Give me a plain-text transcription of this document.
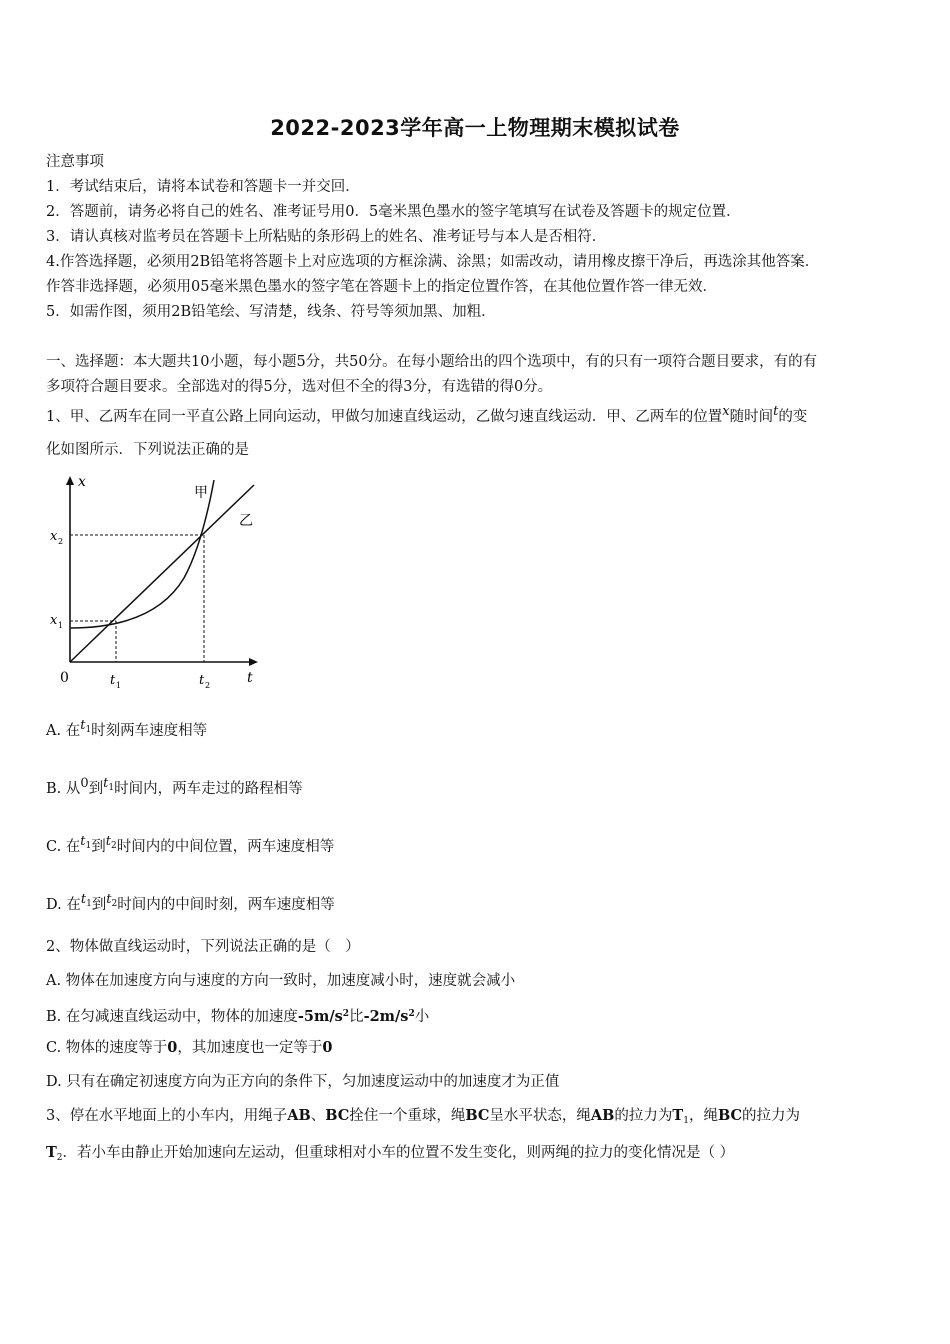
2022-2023学年高一上物理期末模拟试卷
注意事项
1．考试结束后，请将本试卷和答题卡一并交回．
2．答题前，请务必将自己的姓名、准考证号用0．5毫米黑色墨水的签字笔填写在试卷及答题卡的规定位置．
3．请认真核对监考员在答题卡上所粘贴的条形码上的姓名、准考证号与本人是否相符．
4.作答选择题，必须用2B铅笔将答题卡上对应选项的方框涂满、涂黑；如需改动，请用橡皮擦干净后，再选涂其他答案．
作答非选择题，必须用05毫米黑色墨水的签字笔在答题卡上的指定位置作答，在其他位置作答一律无效．
5．如需作图，须用2B铅笔绘、写清楚，线条、符号等须加黑、加粗．
一、选择题：本大题共10小题，每小题5分，共50分。在每小题给出的四个选项中，有的只有一项符合题目要求，有的有
多项符合题目要求。全部选对的得5分，选对但不全的得3分，有选错的得0分。
1、甲、乙两车在同一平直公路上同向运动，甲做匀加速直线运动，乙做匀速直线运动．甲、乙两车的位置x随时间t的变
化如图所示．下列说法正确的是
x
t
0
x 2
x 1
t 1	t 2
甲
乙
A. 在$t_1$时刻两车速度相等
B. 从0到$t_1$时间内，两车走过的路程相等
C. 在$t_1$到$t_2$时间内的中间位置，两车速度相等
D. 在$t_1$到$t_2$时间内的中间时刻，两车速度相等
2、物体做直线运动时，下列说法正确的是（　）
A. 物体在加速度方向与速度的方向一致时，加速度减小时，速度就会减小
B. 在匀减速直线运动中，物体的加速度$-5m/s^2$比$-2m/s^2$小
C. 物体的速度等于0，其加速度也一定等于0
D. 只有在确定初速度方向为正方向的条件下，匀加速度运动中的加速度才为正值
3、停在水平地面上的小车内，用绳子AB、BC拴住一个重球，绳BC呈水平状态，绳AB的拉力为$T_1$，绳BC的拉力为
$T_2$．若小车由静止开始加速向左运动，但重球相对小车的位置不发生变化，则两绳的拉力的变化情况是（ ）
